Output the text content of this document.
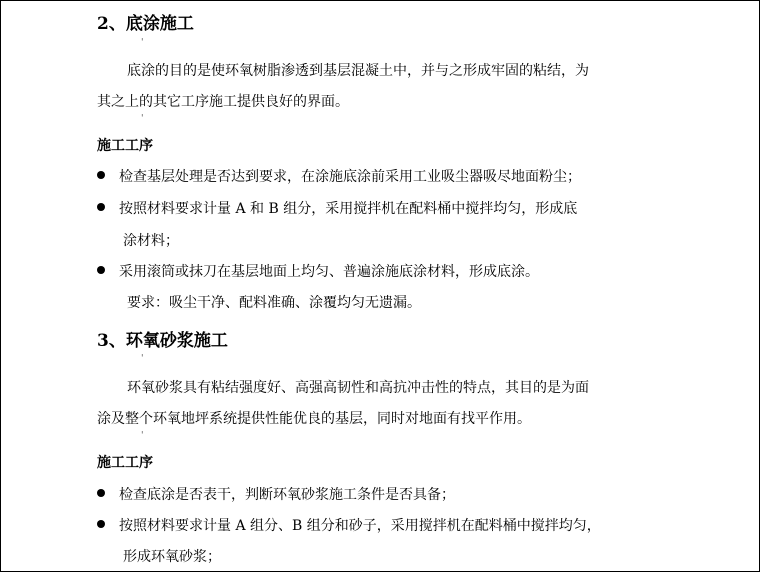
2、底涂施工
'
底涂的目的是使环氧树脂渗透到基层混凝土中，并与之形成牢固的粘结，为
其之上的其它工序施工提供良好的界面。
'
施工工序
检查基层处理是否达到要求，在涂施底涂前采用工业吸尘器吸尽地面粉尘；
按照材料要求计量 A 和 B 组分，采用搅拌机在配料桶中搅拌均匀，形成底
涂材料；
采用滚筒或抹刀在基层地面上均匀、普遍涂施底涂材料，形成底涂。
要求：吸尘干净、配料准确、涂覆均匀无遗漏。
3、环氧砂浆施工
'
环氧砂浆具有粘结强度好、高强高韧性和高抗冲击性的特点，其目的是为面
涂及整个环氧地坪系统提供性能优良的基层，同时对地面有找平作用。
'
施工工序
检查底涂是否表干，判断环氧砂浆施工条件是否具备；
按照材料要求计量 A 组分、B 组分和砂子，采用搅拌机在配料桶中搅拌均匀，
形成环氧砂浆；
